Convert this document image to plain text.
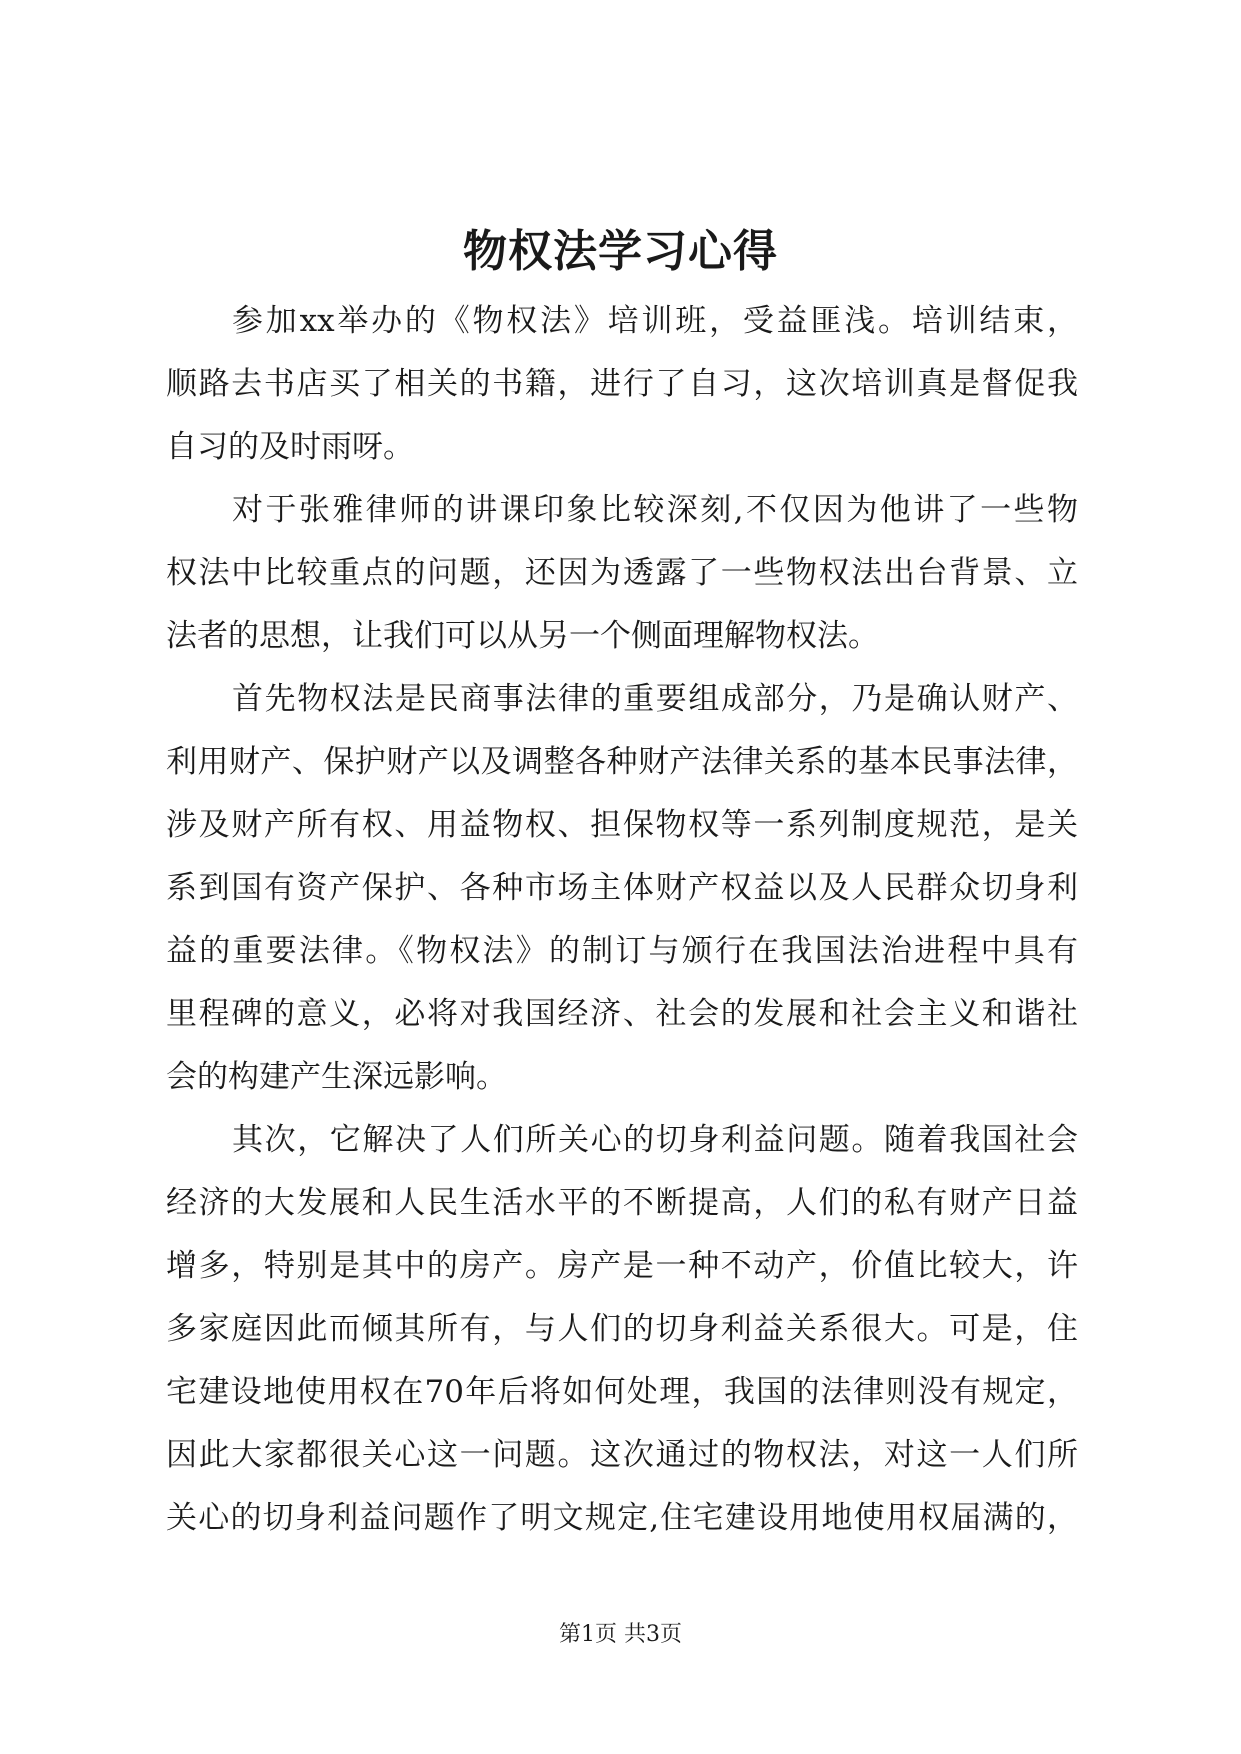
物权法学习心得
参加xx举办的《物权法》培训班，受益匪浅。培训结束，
顺路去书店买了相关的书籍，进行了自习，这次培训真是督促我
自习的及时雨呀。
对于张雅律师的讲课印象比较深刻,不仅因为他讲了一些物
权法中比较重点的问题，还因为透露了一些物权法出台背景、立
法者的思想，让我们可以从另一个侧面理解物权法。
首先物权法是民商事法律的重要组成部分，乃是确认财产、
利用财产、保护财产以及调整各种财产法律关系的基本民事法律，
涉及财产所有权、用益物权、担保物权等一系列制度规范，是关
系到国有资产保护、各种市场主体财产权益以及人民群众切身利
益的重要法律。《物权法》的制订与颁行在我国法治进程中具有
里程碑的意义，必将对我国经济、社会的发展和社会主义和谐社
会的构建产生深远影响。
其次，它解决了人们所关心的切身利益问题。随着我国社会
经济的大发展和人民生活水平的不断提高，人们的私有财产日益
增多，特别是其中的房产。房产是一种不动产，价值比较大，许
多家庭因此而倾其所有，与人们的切身利益关系很大。可是，住
宅建设地使用权在70年后将如何处理，我国的法律则没有规定，
因此大家都很关心这一问题。这次通过的物权法，对这一人们所
关心的切身利益问题作了明文规定,住宅建设用地使用权届满的，
第1页 共3页
